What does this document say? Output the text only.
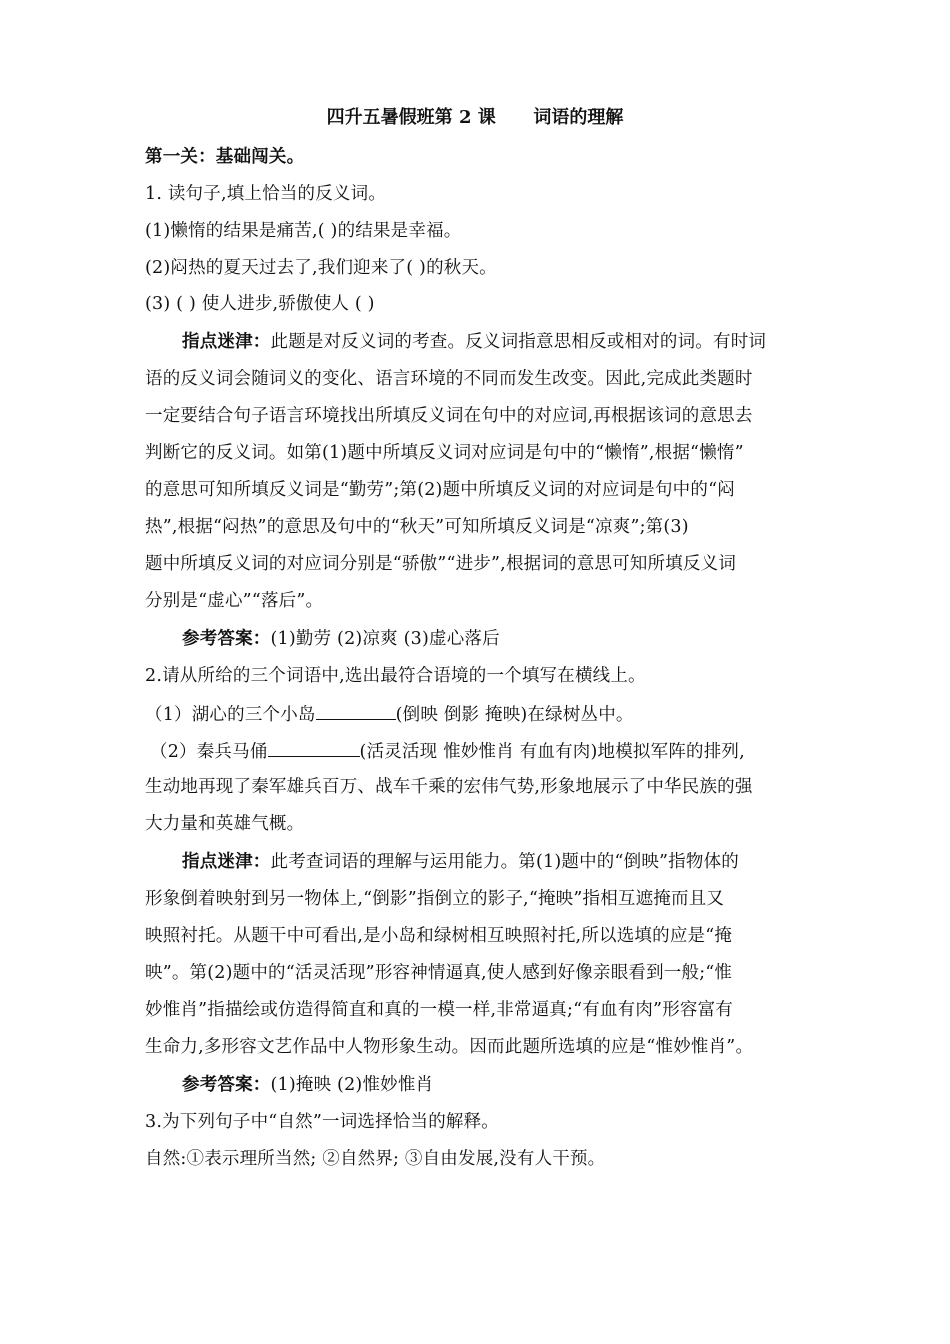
四升五暑假班第 2 课      词语的理解
第一关：基础闯关。
1. 读句子,填上恰当的反义词。
(1)懒惰的结果是痛苦,( )的结果是幸福。
(2)闷热的夏天过去了,我们迎来了( )的秋天。
(3) ( ) 使人进步,骄傲使人 ( )
指点迷津：此题是对反义词的考查。反义词指意思相反或相对的词。有时词
语的反义词会随词义的变化、语言环境的不同而发生改变。因此,完成此类题时
一定要结合句子语言环境找出所填反义词在句中的对应词,再根据该词的意思去
判断它的反义词。如第(1)题中所填反义词对应词是句中的“懒惰”,根据“懒惰”
的意思可知所填反义词是“勤劳”;第(2)题中所填反义词的对应词是句中的“闷
热”,根据“闷热”的意思及句中的“秋天”可知所填反义词是“凉爽”;第(3)
题中所填反义词的对应词分别是“骄傲”“进步”,根据词的意思可知所填反义词
分别是“虚心”“落后”。
参考答案：(1)勤劳 (2)凉爽 (3)虚心落后
2.请从所给的三个词语中,选出最符合语境的一个填写在横线上。
（1）湖心的三个小岛	(倒映 倒影 掩映)在绿树丛中。
（2）秦兵马俑	(活灵活现 惟妙惟肖 有血有肉)地模拟军阵的排列,
生动地再现了秦军雄兵百万、战车千乘的宏伟气势,形象地展示了中华民族的强
大力量和英雄气概。
指点迷津：此考查词语的理解与运用能力。第(1)题中的“倒映”指物体的
形象倒着映射到另一物体上,“倒影”指倒立的影子,“掩映”指相互遮掩而且又
映照衬托。从题干中可看出,是小岛和绿树相互映照衬托,所以选填的应是“掩
映”。第(2)题中的“活灵活现”形容神情逼真,使人感到好像亲眼看到一般;“惟
妙惟肖”指描绘或仿造得简直和真的一模一样,非常逼真;“有血有肉”形容富有
生命力,多形容文艺作品中人物形象生动。因而此题所选填的应是“惟妙惟肖”。
参考答案：(1)掩映 (2)惟妙惟肖
3.为下列句子中“自然”一词选择恰当的解释。
自然:①表示理所当然; ②自然界; ③自由发展,没有人干预。
